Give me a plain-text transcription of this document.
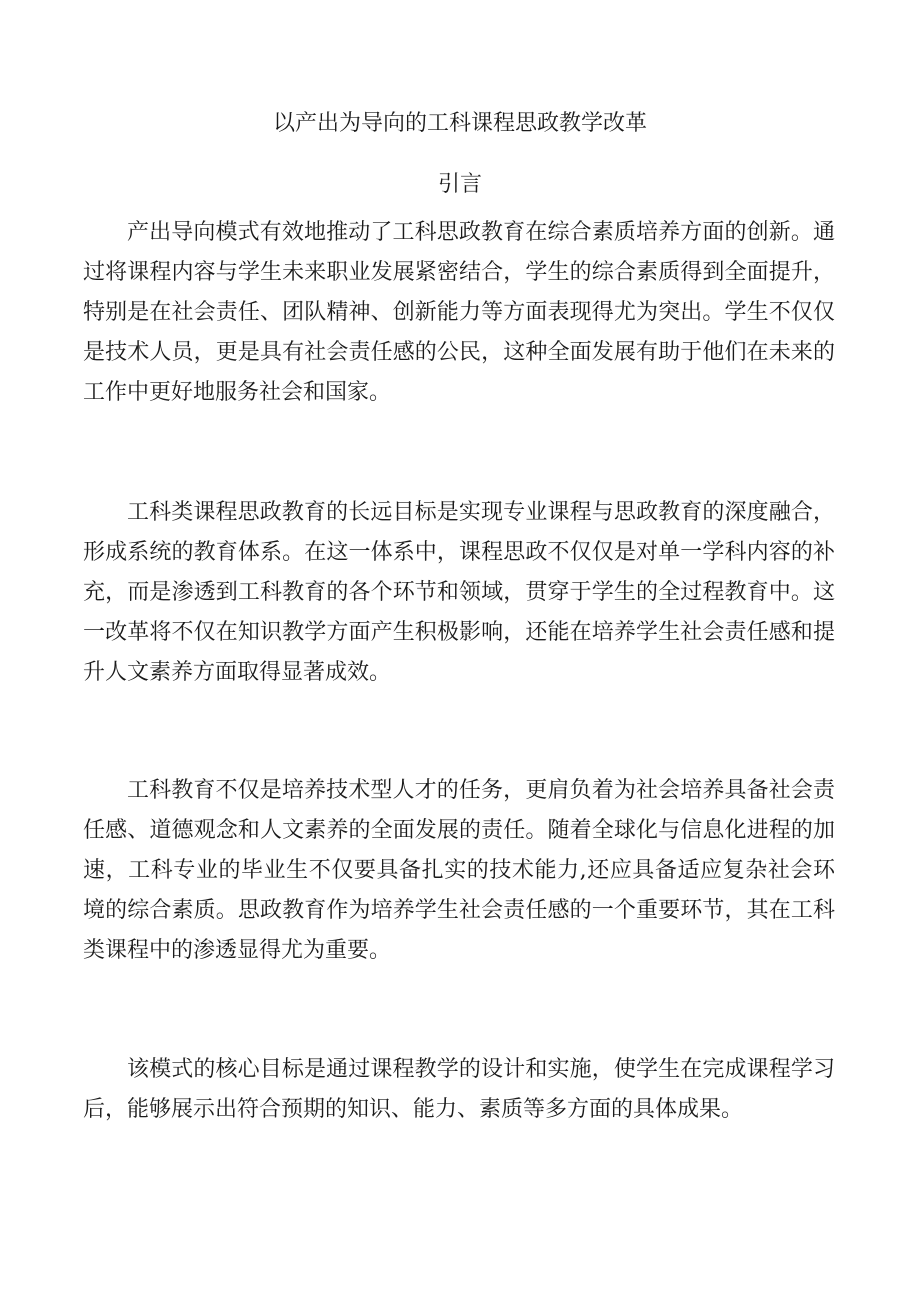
以产出为导向的工科课程思政教学改革
引言

产出导向模式有效地推动了工科思政教育在综合素质培养方面的创新。通过将课程内容与学生未来职业发展紧密结合，学生的综合素质得到全面提升，特别是在社会责任、团队精神、创新能力等方面表现得尤为突出。学生不仅仅是技术人员，更是具有社会责任感的公民，这种全面发展有助于他们在未来的工作中更好地服务社会和国家。

工科类课程思政教育的长远目标是实现专业课程与思政教育的深度融合，形成系统的教育体系。在这一体系中，课程思政不仅仅是对单一学科内容的补充，而是渗透到工科教育的各个环节和领域，贯穿于学生的全过程教育中。这一改革将不仅在知识教学方面产生积极影响，还能在培养学生社会责任感和提升人文素养方面取得显著成效。

工科教育不仅是培养技术型人才的任务，更肩负着为社会培养具备社会责任感、道德观念和人文素养的全面发展的责任。随着全球化与信息化进程的加速，工科专业的毕业生不仅要具备扎实的技术能力,还应具备适应复杂社会环境的综合素质。思政教育作为培养学生社会责任感的一个重要环节，其在工科类课程中的渗透显得尤为重要。

该模式的核心目标是通过课程教学的设计和实施，使学生在完成课程学习后，能够展示出符合预期的知识、能力、素质等多方面的具体成果。
